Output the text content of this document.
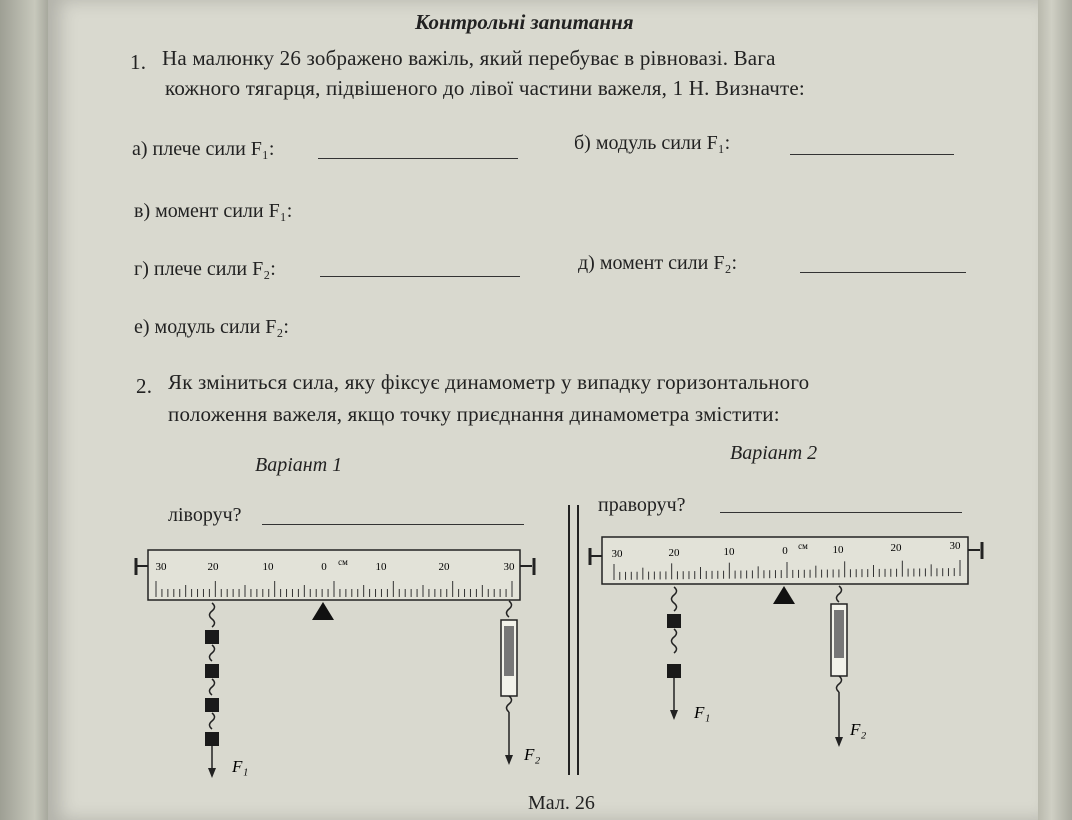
Контрольні запитання
1. На малюнку 26 зображено важіль, який перебуває в рівновазі. Вага
кожного тягарця, підвішеного до лівої частини важеля, 1 Н. Визначте:
а) плече сили F₁:	б) модуль сили F₁:
в) момент сили F₁:
г) плече сили F₂:	д) момент сили F₂:
е) модуль сили F₂:
2. Як зміниться сила, яку фіксує динамометр у випадку горизонтального
положення важеля, якщо точку приєднання динамометра змістити:
Варіант 1
Варіант 2
ліворуч?	праворуч?
30	20	10	0 см	10	20	30
F₁
F₂
30	20	10	0 см 10	20	30
F₁
F₂
Мал. 26
